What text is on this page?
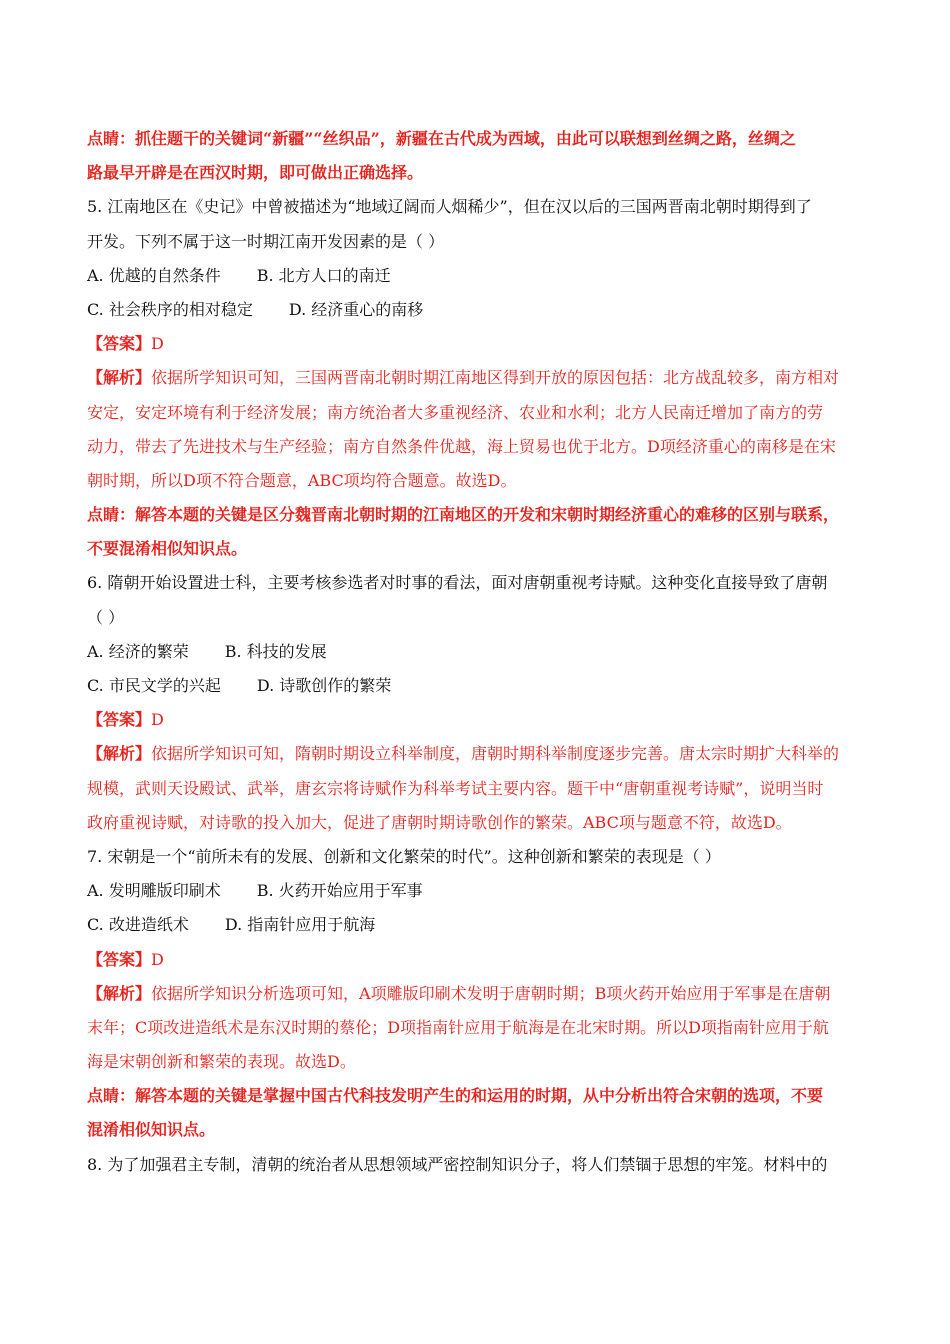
点睛：抓住题干的关键词“新疆”“丝织品”，新疆在古代成为西域，由此可以联想到丝绸之路，丝绸之
路最早开辟是在西汉时期，即可做出正确选择。
5. 江南地区在《史记》中曾被描述为“地域辽阔而人烟稀少”，但在汉以后的三国两晋南北朝时期得到了
开发。下列不属于这一时期江南开发因素的是（ ）
A. 优越的自然条件 B. 北方人口的南迁
C. 社会秩序的相对稳定 D. 经济重心的南移
【答案】D
【解析】依据所学知识可知，三国两晋南北朝时期江南地区得到开放的原因包括：北方战乱较多，南方相对
安定，安定环境有利于经济发展；南方统治者大多重视经济、农业和水利；北方人民南迁增加了南方的劳
动力，带去了先进技术与生产经验；南方自然条件优越，海上贸易也优于北方。D项经济重心的南移是在宋
朝时期，所以D项不符合题意，ABC项均符合题意。故选D。
点睛：解答本题的关键是区分魏晋南北朝时期的江南地区的开发和宋朝时期经济重心的难移的区别与联系，
不要混淆相似知识点。
6. 隋朝开始设置进士科，主要考核参选者对时事的看法，面对唐朝重视考诗赋。这种变化直接导致了唐朝
（ ）
A. 经济的繁荣 B. 科技的发展
C. 市民文学的兴起 D. 诗歌创作的繁荣
【答案】D
【解析】依据所学知识可知，隋朝时期设立科举制度，唐朝时期科举制度逐步完善。唐太宗时期扩大科举的
规模，武则天设殿试、武举，唐玄宗将诗赋作为科举考试主要内容。题干中“唐朝重视考诗赋”，说明当时
政府重视诗赋，对诗歌的投入加大，促进了唐朝时期诗歌创作的繁荣。ABC项与题意不符，故选D。
7. 宋朝是一个“前所未有的发展、创新和文化繁荣的时代”。这种创新和繁荣的表现是（ ）
A. 发明雕版印刷术 B. 火药开始应用于军事
C. 改进造纸术 D. 指南针应用于航海
【答案】D
【解析】依据所学知识分析选项可知，A项雕版印刷术发明于唐朝时期；B项火药开始应用于军事是在唐朝
末年；C项改进造纸术是东汉时期的蔡伦；D项指南针应用于航海是在北宋时期。所以D项指南针应用于航
海是宋朝创新和繁荣的表现。故选D。
点睛：解答本题的关键是掌握中国古代科技发明产生的和运用的时期，从中分析出符合宋朝的选项，不要
混淆相似知识点。
8. 为了加强君主专制，清朝的统治者从思想领域严密控制知识分子，将人们禁锢于思想的牢笼。材料中的
